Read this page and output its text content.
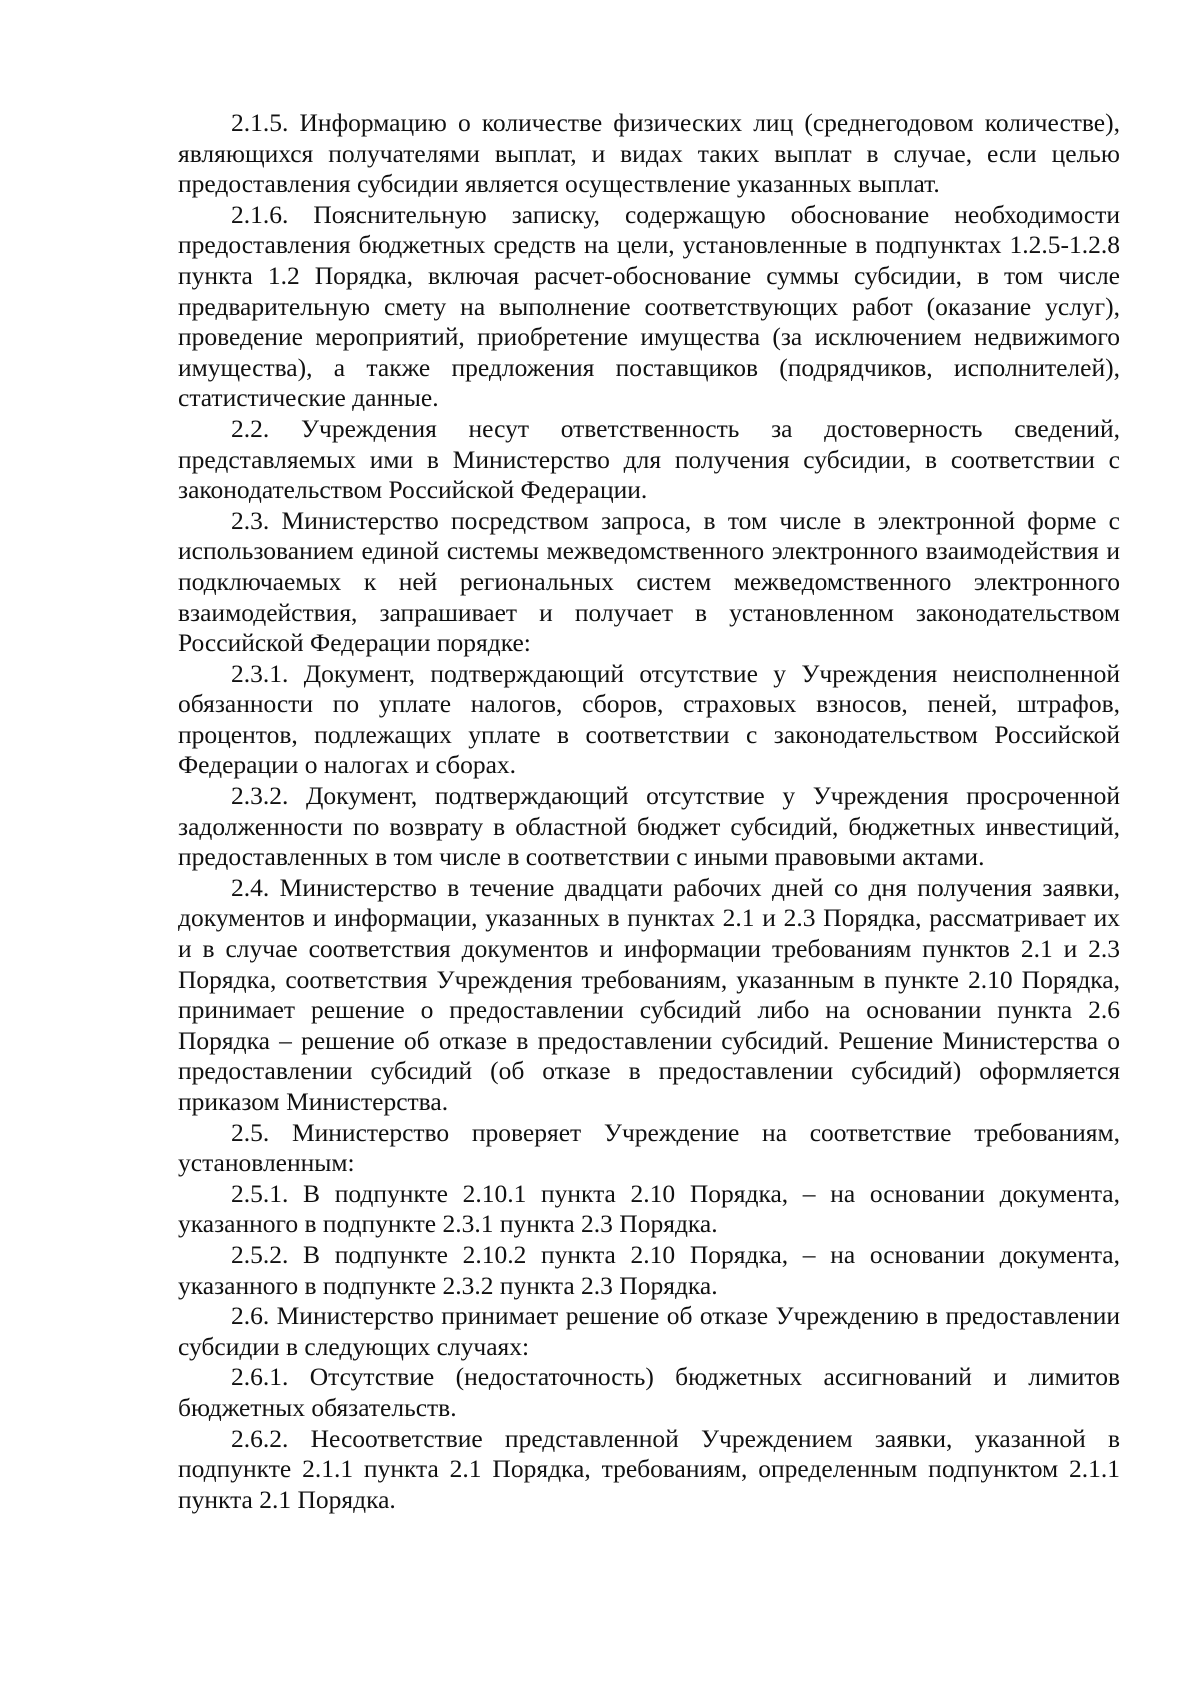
2.1.5. Информацию о количестве физических лиц (среднегодовом количестве), являющихся получателями выплат, и видах таких выплат в случае, если целью предоставления субсидии является осуществление указанных выплат.

2.1.6. Пояснительную записку, содержащую обоснование необходимости предоставления бюджетных средств на цели, установленные в подпунктах 1.2.5-1.2.8 пункта 1.2 Порядка, включая расчет-обоснование суммы субсидии, в том числе предварительную смету на выполнение соответствующих работ (оказание услуг), проведение мероприятий, приобретение имущества (за исключением недвижимого имущества), а также предложения поставщиков (подрядчиков, исполнителей), статистические данные.

2.2. Учреждения несут ответственность за достоверность сведений, представляемых ими в Министерство для получения субсидии, в соответствии с законодательством Российской Федерации.

2.3. Министерство посредством запроса, в том числе в электронной форме с использованием единой системы межведомственного электронного взаимодействия и подключаемых к ней региональных систем межведомственного электронного взаимодействия, запрашивает и получает в установленном законодательством Российской Федерации порядке:

2.3.1. Документ, подтверждающий отсутствие у Учреждения неисполненной обязанности по уплате налогов, сборов, страховых взносов, пеней, штрафов, процентов, подлежащих уплате в соответствии с законодательством Российской Федерации о налогах и сборах.

2.3.2. Документ, подтверждающий отсутствие у Учреждения просроченной задолженности по возврату в областной бюджет субсидий, бюджетных инвестиций, предоставленных в том числе в соответствии с иными правовыми актами.

2.4. Министерство в течение двадцати рабочих дней со дня получения заявки, документов и информации, указанных в пунктах 2.1 и 2.3 Порядка, рассматривает их и в случае соответствия документов и информации требованиям пунктов 2.1 и 2.3 Порядка, соответствия Учреждения требованиям, указанным в пункте 2.10 Порядка, принимает решение о предоставлении субсидий либо на основании пункта 2.6 Порядка – решение об отказе в предоставлении субсидий. Решение Министерства о предоставлении субсидий (об отказе в предоставлении субсидий) оформляется приказом Министерства.

2.5. Министерство проверяет Учреждение на соответствие требованиям, установленным:

2.5.1. В подпункте 2.10.1 пункта 2.10 Порядка, – на основании документа, указанного в подпункте 2.3.1 пункта 2.3 Порядка.

2.5.2. В подпункте 2.10.2 пункта 2.10 Порядка, – на основании документа, указанного в подпункте 2.3.2 пункта 2.3 Порядка.

2.6. Министерство принимает решение об отказе Учреждению в предоставлении субсидии в следующих случаях:

2.6.1. Отсутствие (недостаточность) бюджетных ассигнований и лимитов бюджетных обязательств.

2.6.2. Несоответствие представленной Учреждением заявки, указанной в подпункте 2.1.1 пункта 2.1 Порядка, требованиям, определенным подпунктом 2.1.1 пункта 2.1 Порядка.
